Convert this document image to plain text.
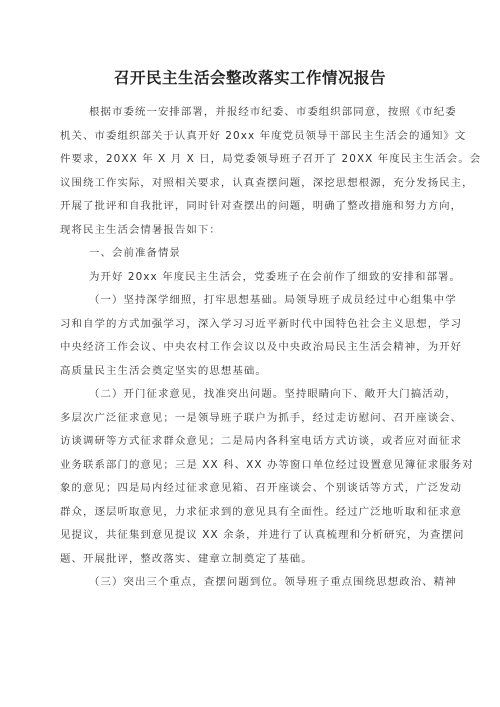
召开民主生活会整改落实工作情况报告
根据市委统一安排部署，并报经市纪委、市委组织部同意，按照《市纪委
机关、市委组织部关于认真开好 20xx 年度党员领导干部民主生活会的通知》文
件要求，20XX 年 X 月 X 日，局党委领导班子召开了 20XX 年度民主生活会。会
议围绕工作实际，对照相关要求，认真查摆问题，深挖思想根源，充分发扬民主，
开展了批评和自我批评，同时针对查摆出的问题，明确了整改措施和努力方向，
现将民主生活会情暑报告如下：
一、会前准备情景
为开好 20xx 年度民主生活会，党委班子在会前作了细致的安排和部署。
（一）坚持深学细照，打牢思想基础。局领导班子成员经过中心组集中学
习和自学的方式加强学习，深入学习习近平新时代中国特色社会主义思想，学习
中央经济工作会议、中央农村工作会议以及中央政治局民主生活会精神，为开好
高质量民主生活会奠定坚实的思想基础。
（二）开门征求意见，找准突出问题。坚持眼睛向下、敞开大门搞活动，
多层次广泛征求意见；一是领导班子联户为抓手，经过走访慰问、召开座谈会、
访谈调研等方式征求群众意见；二是局内各科室电话方式访谈，或者应对面征求
业务联系部门的意见；三是 XX 科、XX 办等窗口单位经过设置意见簿征求服务对
象的意见；四是局内经过征求意见箱、召开座谈会、个别谈话等方式，广泛发动
群众，逐层听取意见，力求征求到的意见具有全面性。经过广泛地听取和征求意
见提议，共征集到意见提议 XX 余条，并进行了认真梳理和分析研究，为查摆问
题、开展批评，整改落实、建章立制奠定了基础。
（三）突出三个重点，查摆问题到位。领导班子重点围绕思想政治、精神
